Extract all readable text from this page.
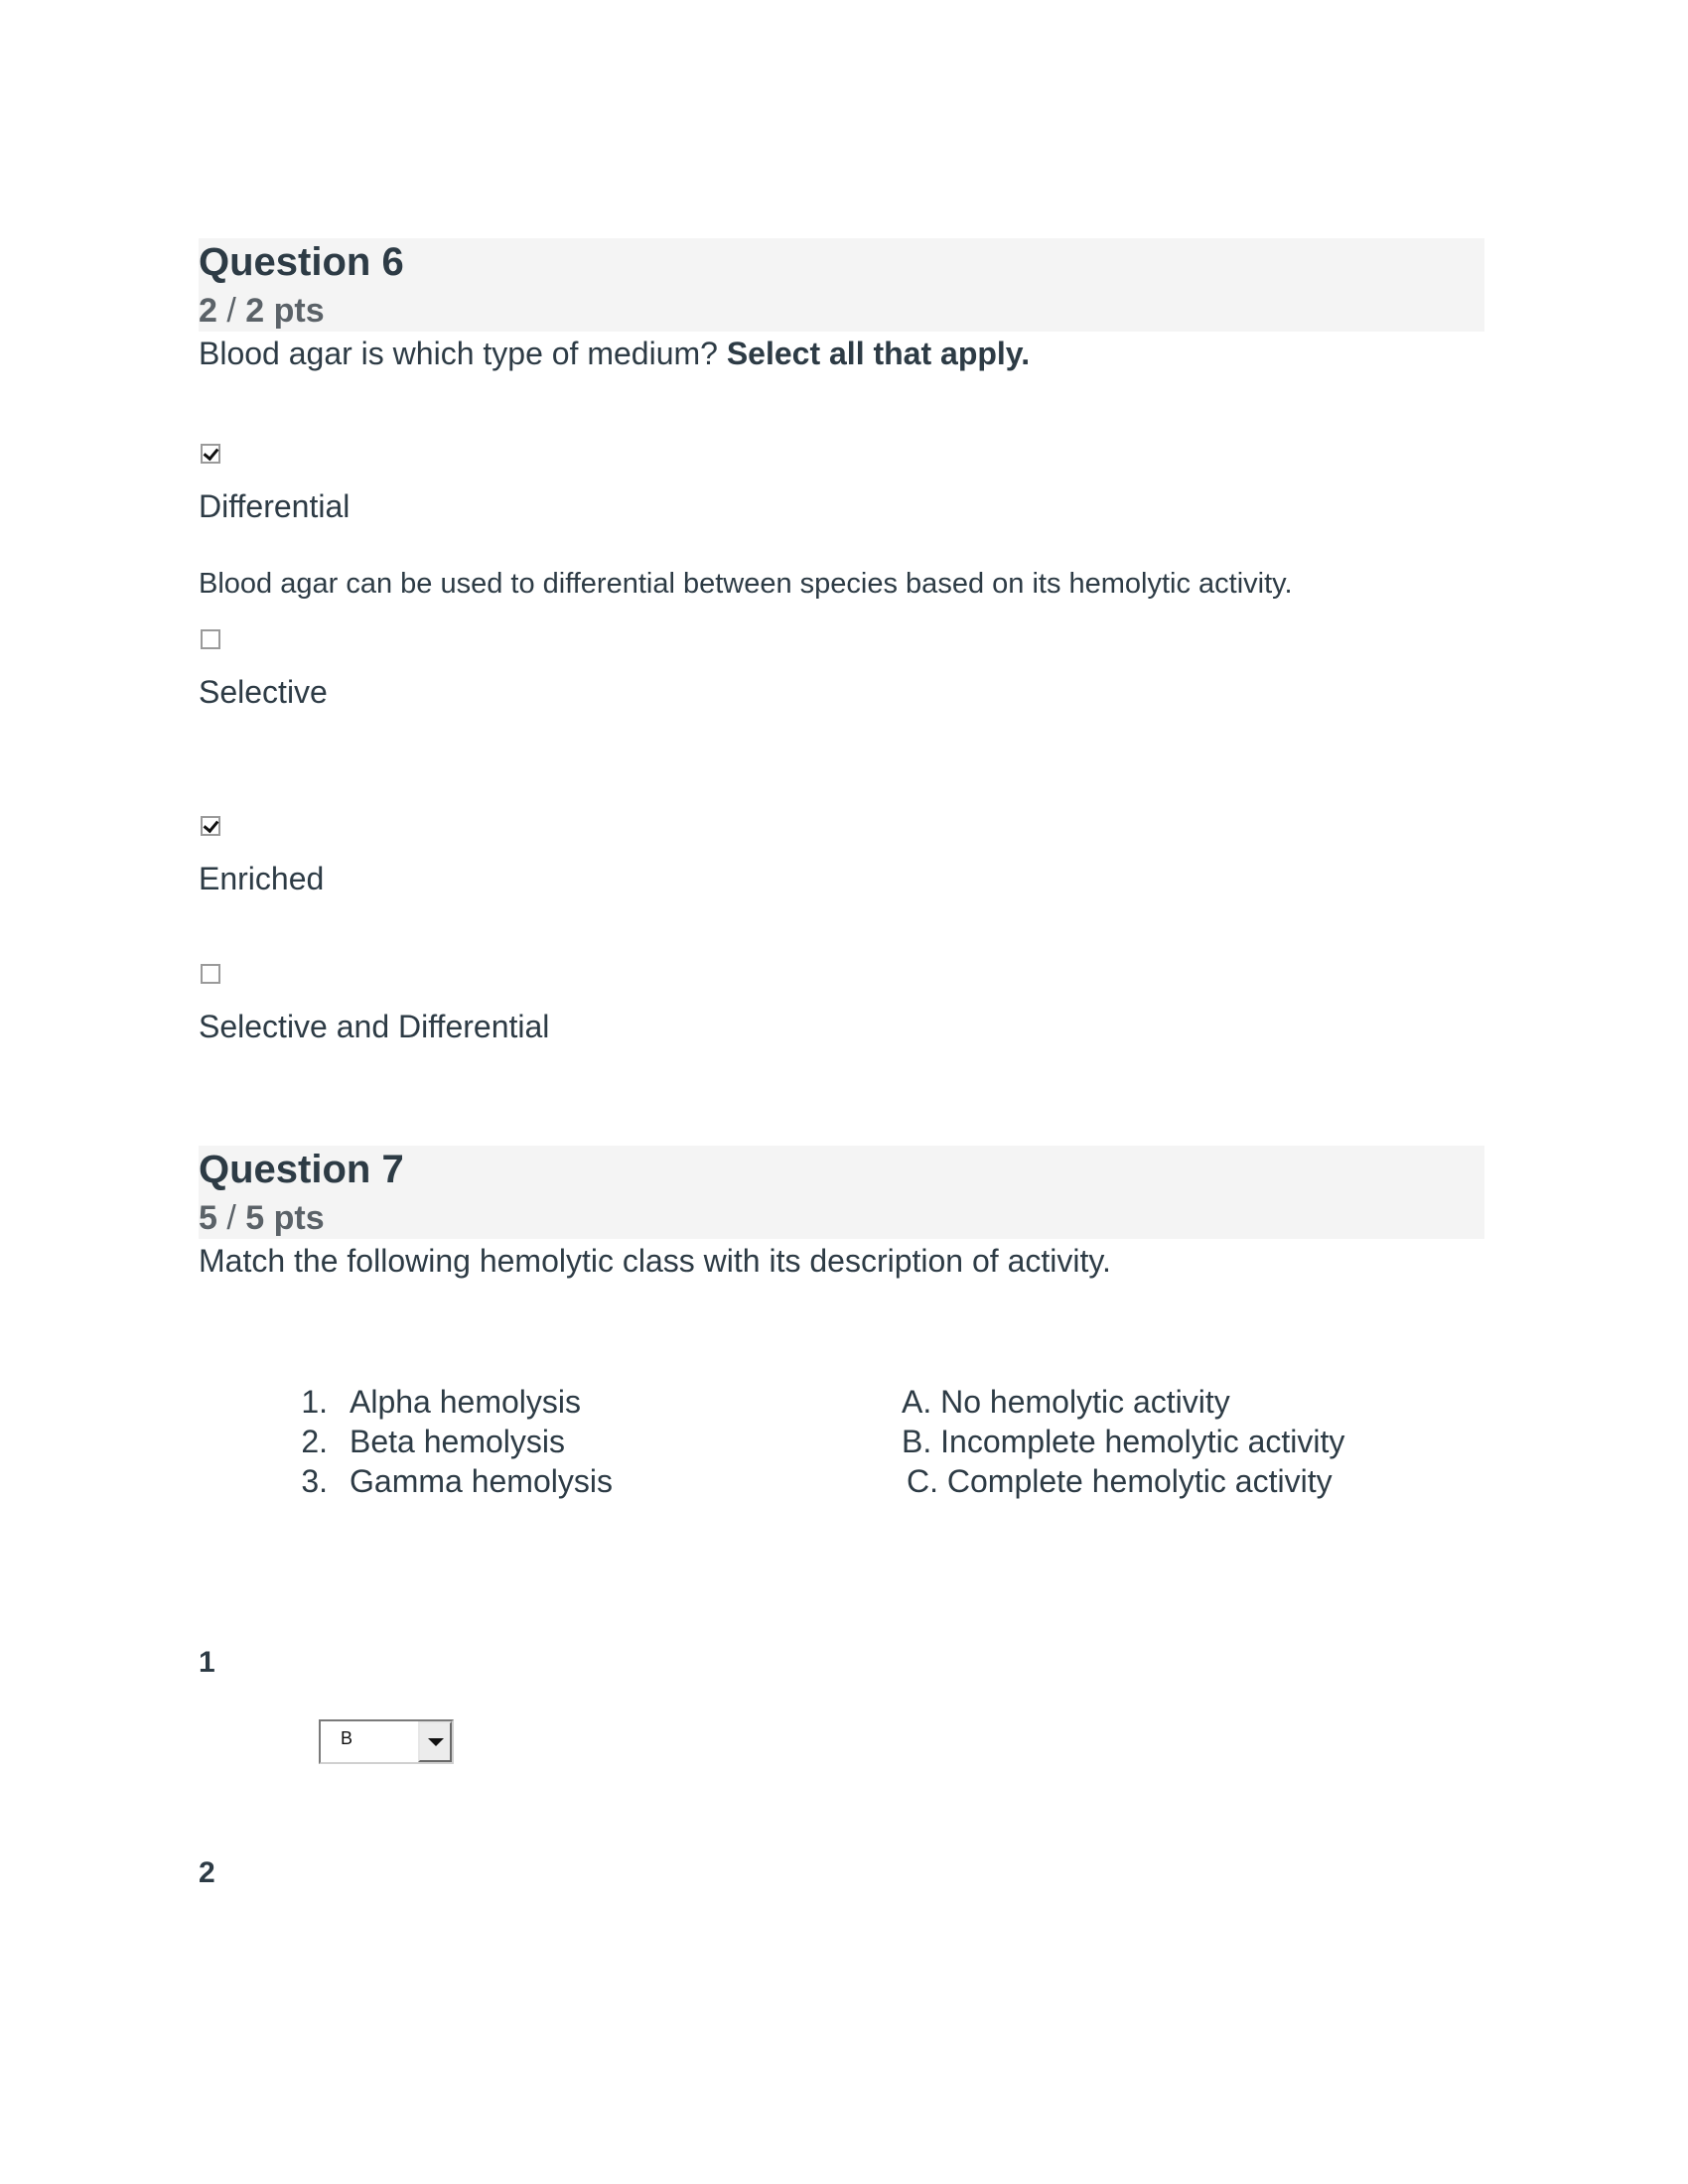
Question 6
2 / 2 pts
Blood agar is which type of medium? Select all that apply.
Differential
Blood agar can be used to differential between species based on its hemolytic activity.
Selective
Enriched
Selective and Differential
Question 7
5 / 5 pts
Match the following hemolytic class with its description of activity.
1. Alpha hemolysis
2. Beta hemolysis
3. Gamma hemolysis
A. No hemolytic activity
B. Incomplete hemolytic activity
C. Complete hemolytic activity
1
B
2
